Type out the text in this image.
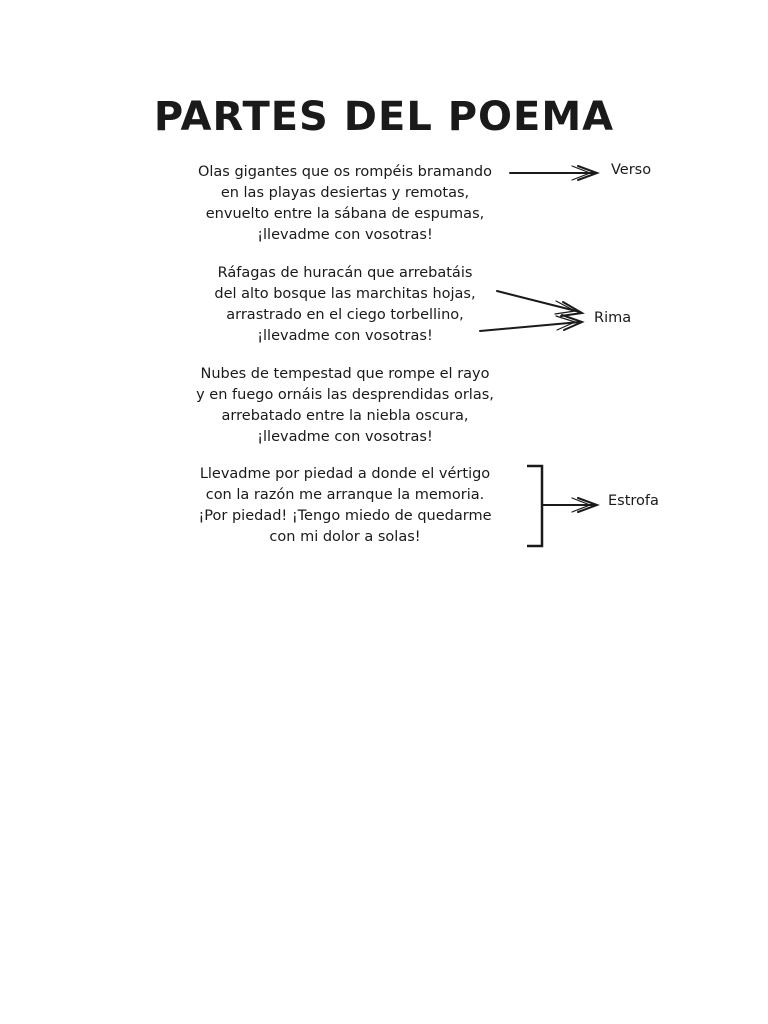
PARTES DEL POEMA
Olas gigantes que os rompéis bramando
en las playas desiertas y remotas,
envuelto entre la sábana de espumas,
¡llevadme con vosotras!
Ráfagas de huracán que arrebatáis
del alto bosque las marchitas hojas,
arrastrado en el ciego torbellino,
¡llevadme con vosotras!
Nubes de tempestad que rompe el rayo
y en fuego ornáis las desprendidas orlas,
arrebatado entre la niebla oscura,
¡llevadme con vosotras!
Llevadme por piedad a donde el vértigo
con la razón me arranque la memoria.
¡Por piedad! ¡Tengo miedo de quedarme
con mi dolor a solas!
Verso
Rima
Estrofa
